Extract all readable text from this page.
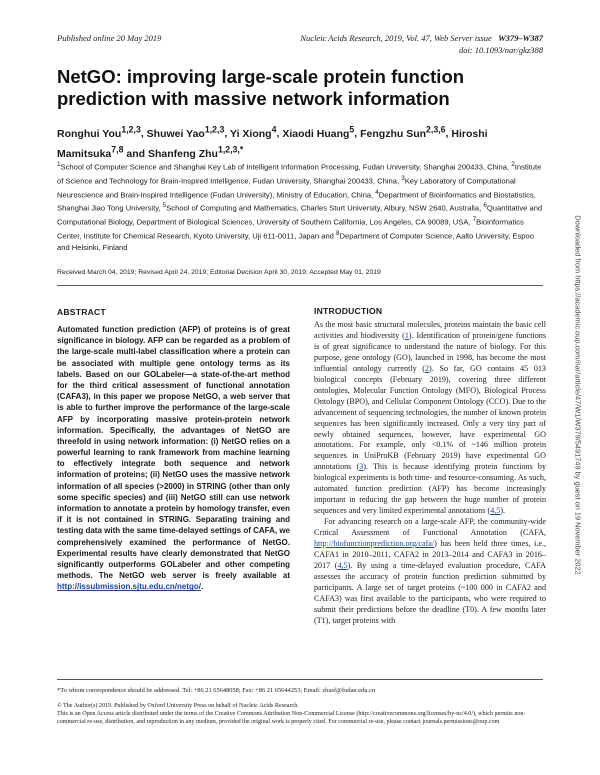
Published online 20 May 2019	Nucleic Acids Research, 2019, Vol. 47, Web Server issue W379–W387
doi: 10.1093/nar/gkz388
NetGO: improving large-scale protein function prediction with massive network information
Ronghui You$^{1,2,3}$, Shuwei Yao$^{1,2,3}$, Yi Xiong$^4$, Xiaodi Huang$^5$, Fengzhu Sun$^{2,3,6}$, Hiroshi Mamitsuka$^{7,8}$ and Shanfeng Zhu$^{1,2,3,*}$
$^1$School of Computer Science and Shanghai Key Lab of Intelligent Information Processing, Fudan University, Shanghai 200433, China, $^2$Institute of Science and Technology for Brain-Inspired Intelligence, Fudan University, Shanghai 200433, China, $^3$Key Laboratory of Computational Neuroscience and Brain-Inspired Intelligence (Fudan University), Ministry of Education, China, $^4$Department of Bioinformatics and Biostatistics, Shanghai Jiao Tong University, $^5$School of Computing and Mathematics, Charles Sturt University, Albury, NSW 2640, Australia, $^6$Quantitative and Computational Biology, Department of Biological Sciences, University of Southern California, Los Angeles, CA 90089, USA, $^7$Bioinformatics Center, Institute for Chemical Research, Kyoto University, Uji 611-0011, Japan and $^8$Department of Computer Science, Aalto University, Espoo and Helsinki, Finland
Received March 04, 2019; Revised April 24, 2019; Editorial Decision April 30, 2019; Accepted May 01, 2019
ABSTRACT
Automated function prediction (AFP) of proteins is of great significance in biology. AFP can be regarded as a problem of the large-scale multi-label classification where a protein can be associated with multiple gene ontology terms as its labels. Based on our GOLabeler—a state-of-the-art method for the third critical assessment of functional annotation (CAFA3), in this paper we propose NetGO, a web server that is able to further improve the performance of the large-scale AFP by incorporating massive protein-protein network information. Specifically, the advantages of NetGO are threefold in using network information: (i) NetGO relies on a powerful learning to rank framework from machine learning to effectively integrate both sequence and network information of proteins; (ii) NetGO uses the massive network information of all species (>2000) in STRING (other than only some specific species) and (iii) NetGO still can use network information to annotate a protein by homology transfer, even if it is not contained in STRING. Separating training and testing data with the same time-delayed settings of CAFA, we comprehensively examined the performance of NetGO. Experimental results have clearly demonstrated that NetGO significantly outperforms GOLabeler and other competing methods. The NetGO web server is freely available at http://issubmission.sjtu.edu.cn/netgo/.
INTRODUCTION

As the most basic structural molecules, proteins maintain the basic cell activities and biodiversity (1). Identification of protein/gene functions is of great significance to understand the nature of biology. For this purpose, gene ontology (GO), launched in 1998, has become the most influential ontology currently (2). So far, GO contains 45 013 biological concepts (February 2019), covering three different ontologies, Molecular Function Ontology (MFO), Biological Process Ontology (BPO), and Cellular Component Ontology (CCO). Due to the advancement of sequencing technologies, the number of known protein sequences has been significantly increased. Only a very tiny part of newly obtained sequences, however, have experimental GO annotations. For example, only <0.1% of ~146 million protein sequences in UniProKB (February 2019) have experimental GO annotations (3). This is because identifying protein functions by biological experiments is both time- and resource-consuming. As such, automated function prediction (AFP) has become increasingly important in reducing the gap between the huge number of protein sequences and very limited experimental annotations (4,5).

For advancing research on a large-scale AFP, the community-wide Critical Assessment of Functional Annotation (CAFA, http://biofunctionprediction.org/cafa/) has been held three times, i.e., CAFA1 in 2010–2011, CAFA2 in 2013–2014 and CAFA3 in 2016–2017 (4,5). By using a time-delayed evaluation procedure, CAFA assesses the accuracy of protein function prediction submitted by participants. A large set of target proteins (~100 000 in CAFA2 and CAFA3) was first available to the participants, who were required to submit their predictions before the deadline (T0). A few months later (T1), target proteins with

*To whom correspondence should be addressed. Tel: +86 21 65648058; Fax: +86 21 65644253; Email: zhusf@fudan.edu.cn
© The Author(s) 2019. Published by Oxford University Press on behalf of Nucleic Acids Research.
This is an Open Access article distributed under the terms of the Creative Commons Attribution Non-Commercial License (http://creativecommons.org/licenses/by-nc/4.0/), which permits non-commercial re-use, distribution, and reproduction in any medium, provided the original work is properly cited. For commercial re-use, please contact journals.permissions@oup.com
Downloaded from https://academic.oup.com/nar/article/47/W1/W379/5491749 by guest on 19 November 2022
